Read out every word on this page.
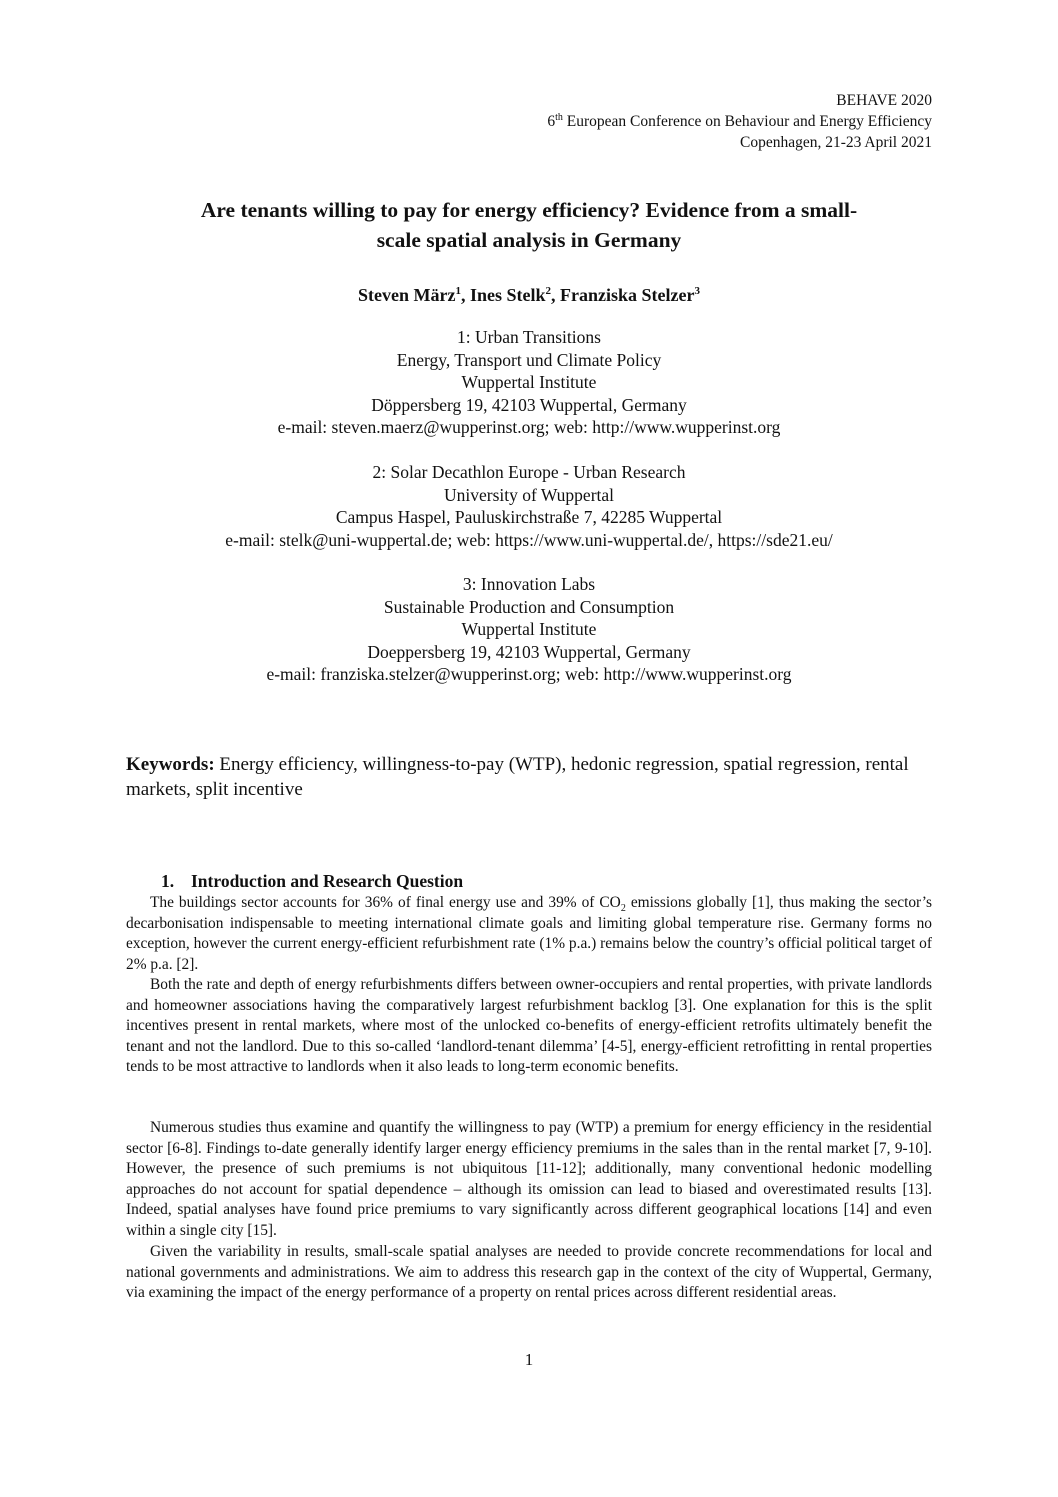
BEHAVE 2020
6th European Conference on Behaviour and Energy Efficiency
Copenhagen, 21-23 April 2021
Are tenants willing to pay for energy efficiency? Evidence from a small-
scale spatial analysis in Germany
Steven März$^1$, Ines Stelk$^2$, Franziska Stelzer$^3$
1: Urban Transitions
Energy, Transport und Climate Policy
Wuppertal Institute
Döppersberg 19, 42103 Wuppertal, Germany
e-mail: steven.maerz@wupperinst.org; web: http://www.wupperinst.org
2: Solar Decathlon Europe - Urban Research
University of Wuppertal
Campus Haspel, Pauluskirchstraße 7, 42285 Wuppertal
e-mail: stelk@uni-wuppertal.de; web: https://www.uni-wuppertal.de/, https://sde21.eu/
3: Innovation Labs
Sustainable Production and Consumption
Wuppertal Institute
Doeppersberg 19, 42103 Wuppertal, Germany
e-mail: franziska.stelzer@wupperinst.org; web: http://www.wupperinst.org
Keywords: Energy efficiency, willingness-to-pay (WTP), hedonic regression, spatial regression, rental markets, split incentive
1. Introduction and Research Question

The buildings sector accounts for 36% of final energy use and 39% of $CO_2$ emissions globally [1], thus making the sector’s decarbonisation indispensable to meeting international climate goals and limiting global temperature rise. Germany forms no exception, however the current energy-efficient refurbishment rate (1% p.a.) remains below the country’s official political target of 2% p.a. [2].

Both the rate and depth of energy refurbishments differs between owner-occupiers and rental properties, with private landlords and homeowner associations having the comparatively largest refurbishment backlog [3]. One explanation for this is the split incentives present in rental markets, where most of the unlocked co-benefits of energy-efficient retrofits ultimately benefit the tenant and not the landlord. Due to this so-called ‘landlord-tenant dilemma’ [4-5], energy-efficient retrofitting in rental properties tends to be most attractive to landlords when it also leads to long-term economic benefits.

Numerous studies thus examine and quantify the willingness to pay (WTP) a premium for energy efficiency in the residential sector [6-8]. Findings to-date generally identify larger energy efficiency premiums in the sales than in the rental market [7, 9-10]. However, the presence of such premiums is not ubiquitous [11-12]; additionally, many conventional hedonic modelling approaches do not account for spatial dependence – although its omission can lead to biased and overestimated results [13]. Indeed, spatial analyses have found price premiums to vary significantly across different geographical locations [14] and even within a single city [15].

Given the variability in results, small-scale spatial analyses are needed to provide concrete recommendations for local and national governments and administrations. We aim to address this research gap in the context of the city of Wuppertal, Germany, via examining the impact of the energy performance of a property on rental prices across different residential areas.

1
